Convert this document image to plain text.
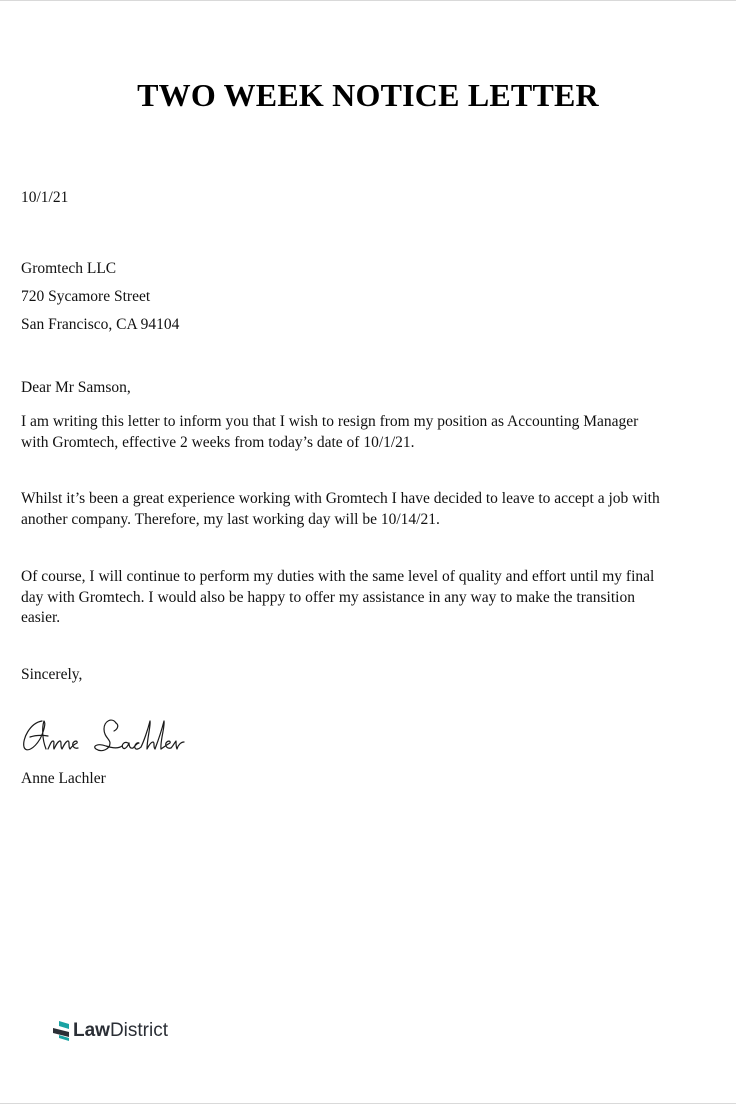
TWO WEEK NOTICE LETTER
10/1/21
Gromtech LLC
720 Sycamore Street
San Francisco, CA 94104
Dear Mr Samson,
I am writing this letter to inform you that I wish to resign from my position as Accounting Manager
with Gromtech, effective 2 weeks from today’s date of 10/1/21.
Whilst it’s been a great experience working with Gromtech I have decided to leave to accept a job with
another company. Therefore, my last working day will be 10/14/21.
Of course, I will continue to perform my duties with the same level of quality and effort until my final
day with Gromtech. I would also be happy to offer my assistance in any way to make the transition
easier.
Sincerely,
Anne Lachler
Law District
